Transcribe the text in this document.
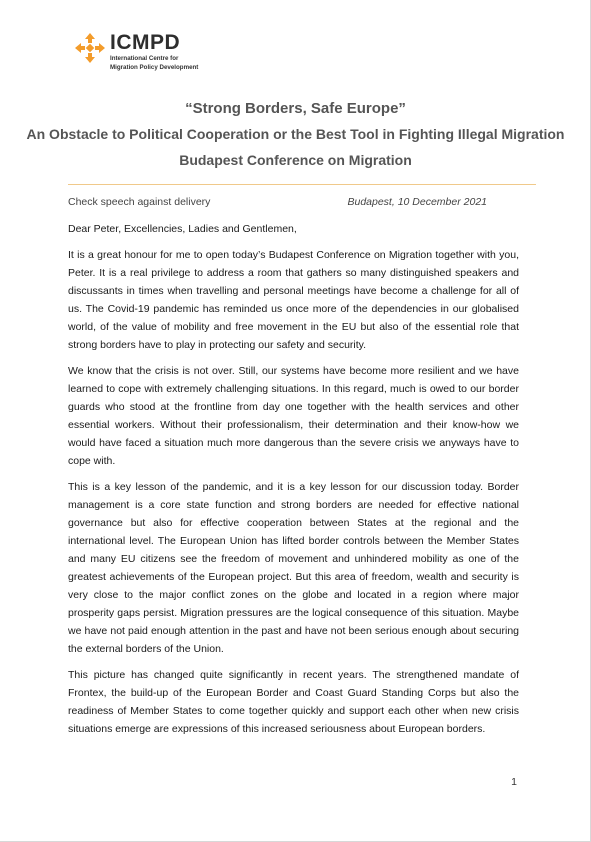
ICMPD
International Centre for
Migration Policy Development
“Strong Borders, Safe Europe”
An Obstacle to Political Cooperation or the Best Tool in Fighting Illegal Migration
Budapest Conference on Migration
Check speech against delivery	Budapest, 10 December 2021

Dear Peter, Excellencies, Ladies and Gentlemen,

It is a great honour for me to open today’s Budapest Conference on Migration together with you, Peter. It is a real privilege to address a room that gathers so many distinguished speakers and discussants in times when travelling and personal meetings have become a challenge for all of us. The Covid-19 pandemic has reminded us once more of the dependencies in our globalised world, of the value of mobility and free movement in the EU but also of the essential role that strong borders have to play in protecting our safety and security.

We know that the crisis is not over. Still, our systems have become more resilient and we have learned to cope with extremely challenging situations. In this regard, much is owed to our border guards who stood at the frontline from day one together with the health services and other essential workers. Without their professionalism, their determination and their know-how we would have faced a situation much more dangerous than the severe crisis we anyways have to cope with.

This is a key lesson of the pandemic, and it is a key lesson for our discussion today. Border management is a core state function and strong borders are needed for effective national governance but also for effective cooperation between States at the regional and the international level. The European Union has lifted border controls between the Member States and many EU citizens see the freedom of movement and unhindered mobility as one of the greatest achievements of the European project. But this area of freedom, wealth and security is very close to the major conflict zones on the globe and located in a region where major prosperity gaps persist. Migration pressures are the logical consequence of this situation. Maybe we have not paid enough attention in the past and have not been serious enough about securing the external borders of the Union.

This picture has changed quite significantly in recent years. The strengthened mandate of Frontex, the build-up of the European Border and Coast Guard Standing Corps but also the readiness of Member States to come together quickly and support each other when new crisis situations emerge are expressions of this increased seriousness about European borders.

1
